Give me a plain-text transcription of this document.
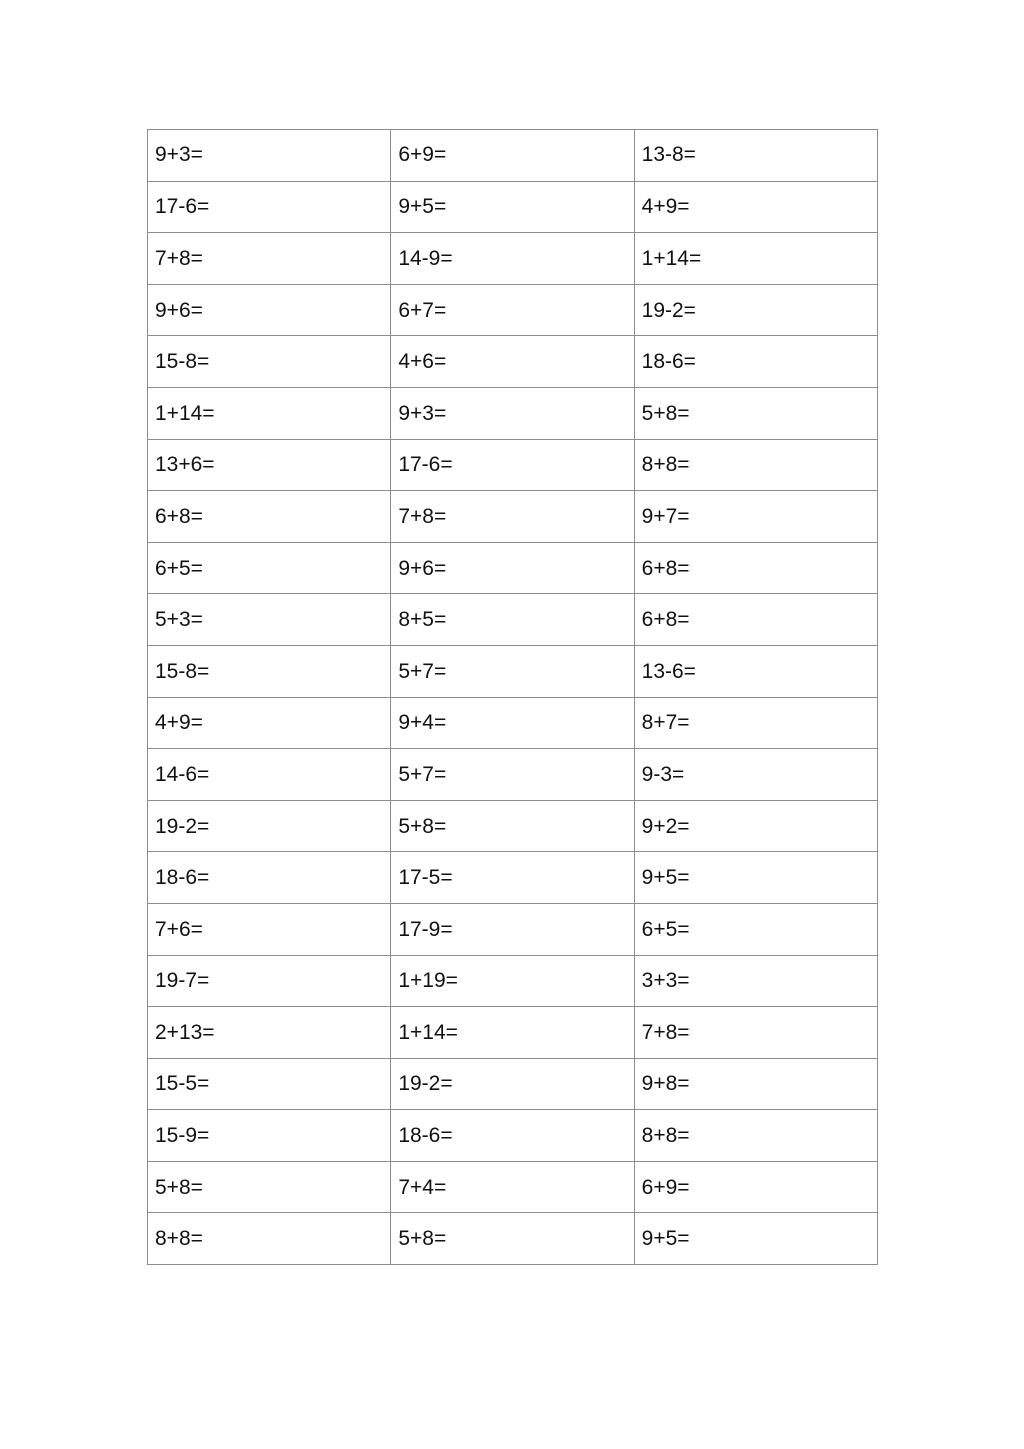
9+3=	6+9=	13-8=
17-6=	9+5=	4+9=
7+8=	14-9=	1+14=
9+6=	6+7=	19-2=
15-8=	4+6=	18-6=
1+14=	9+3=	5+8=
13+6=	17-6=	8+8=
6+8=	7+8=	9+7=
6+5=	9+6=	6+8=
5+3=	8+5=	6+8=
15-8=	5+7=	13-6=
4+9=	9+4=	8+7=
14-6=	5+7=	9-3=
19-2=	5+8=	9+2=
18-6=	17-5=	9+5=
7+6=	17-9=	6+5=
19-7=	1+19=	3+3=
2+13=	1+14=	7+8=
15-5=	19-2=	9+8=
15-9=	18-6=	8+8=
5+8=	7+4=	6+9=
8+8=	5+8=	9+5=
